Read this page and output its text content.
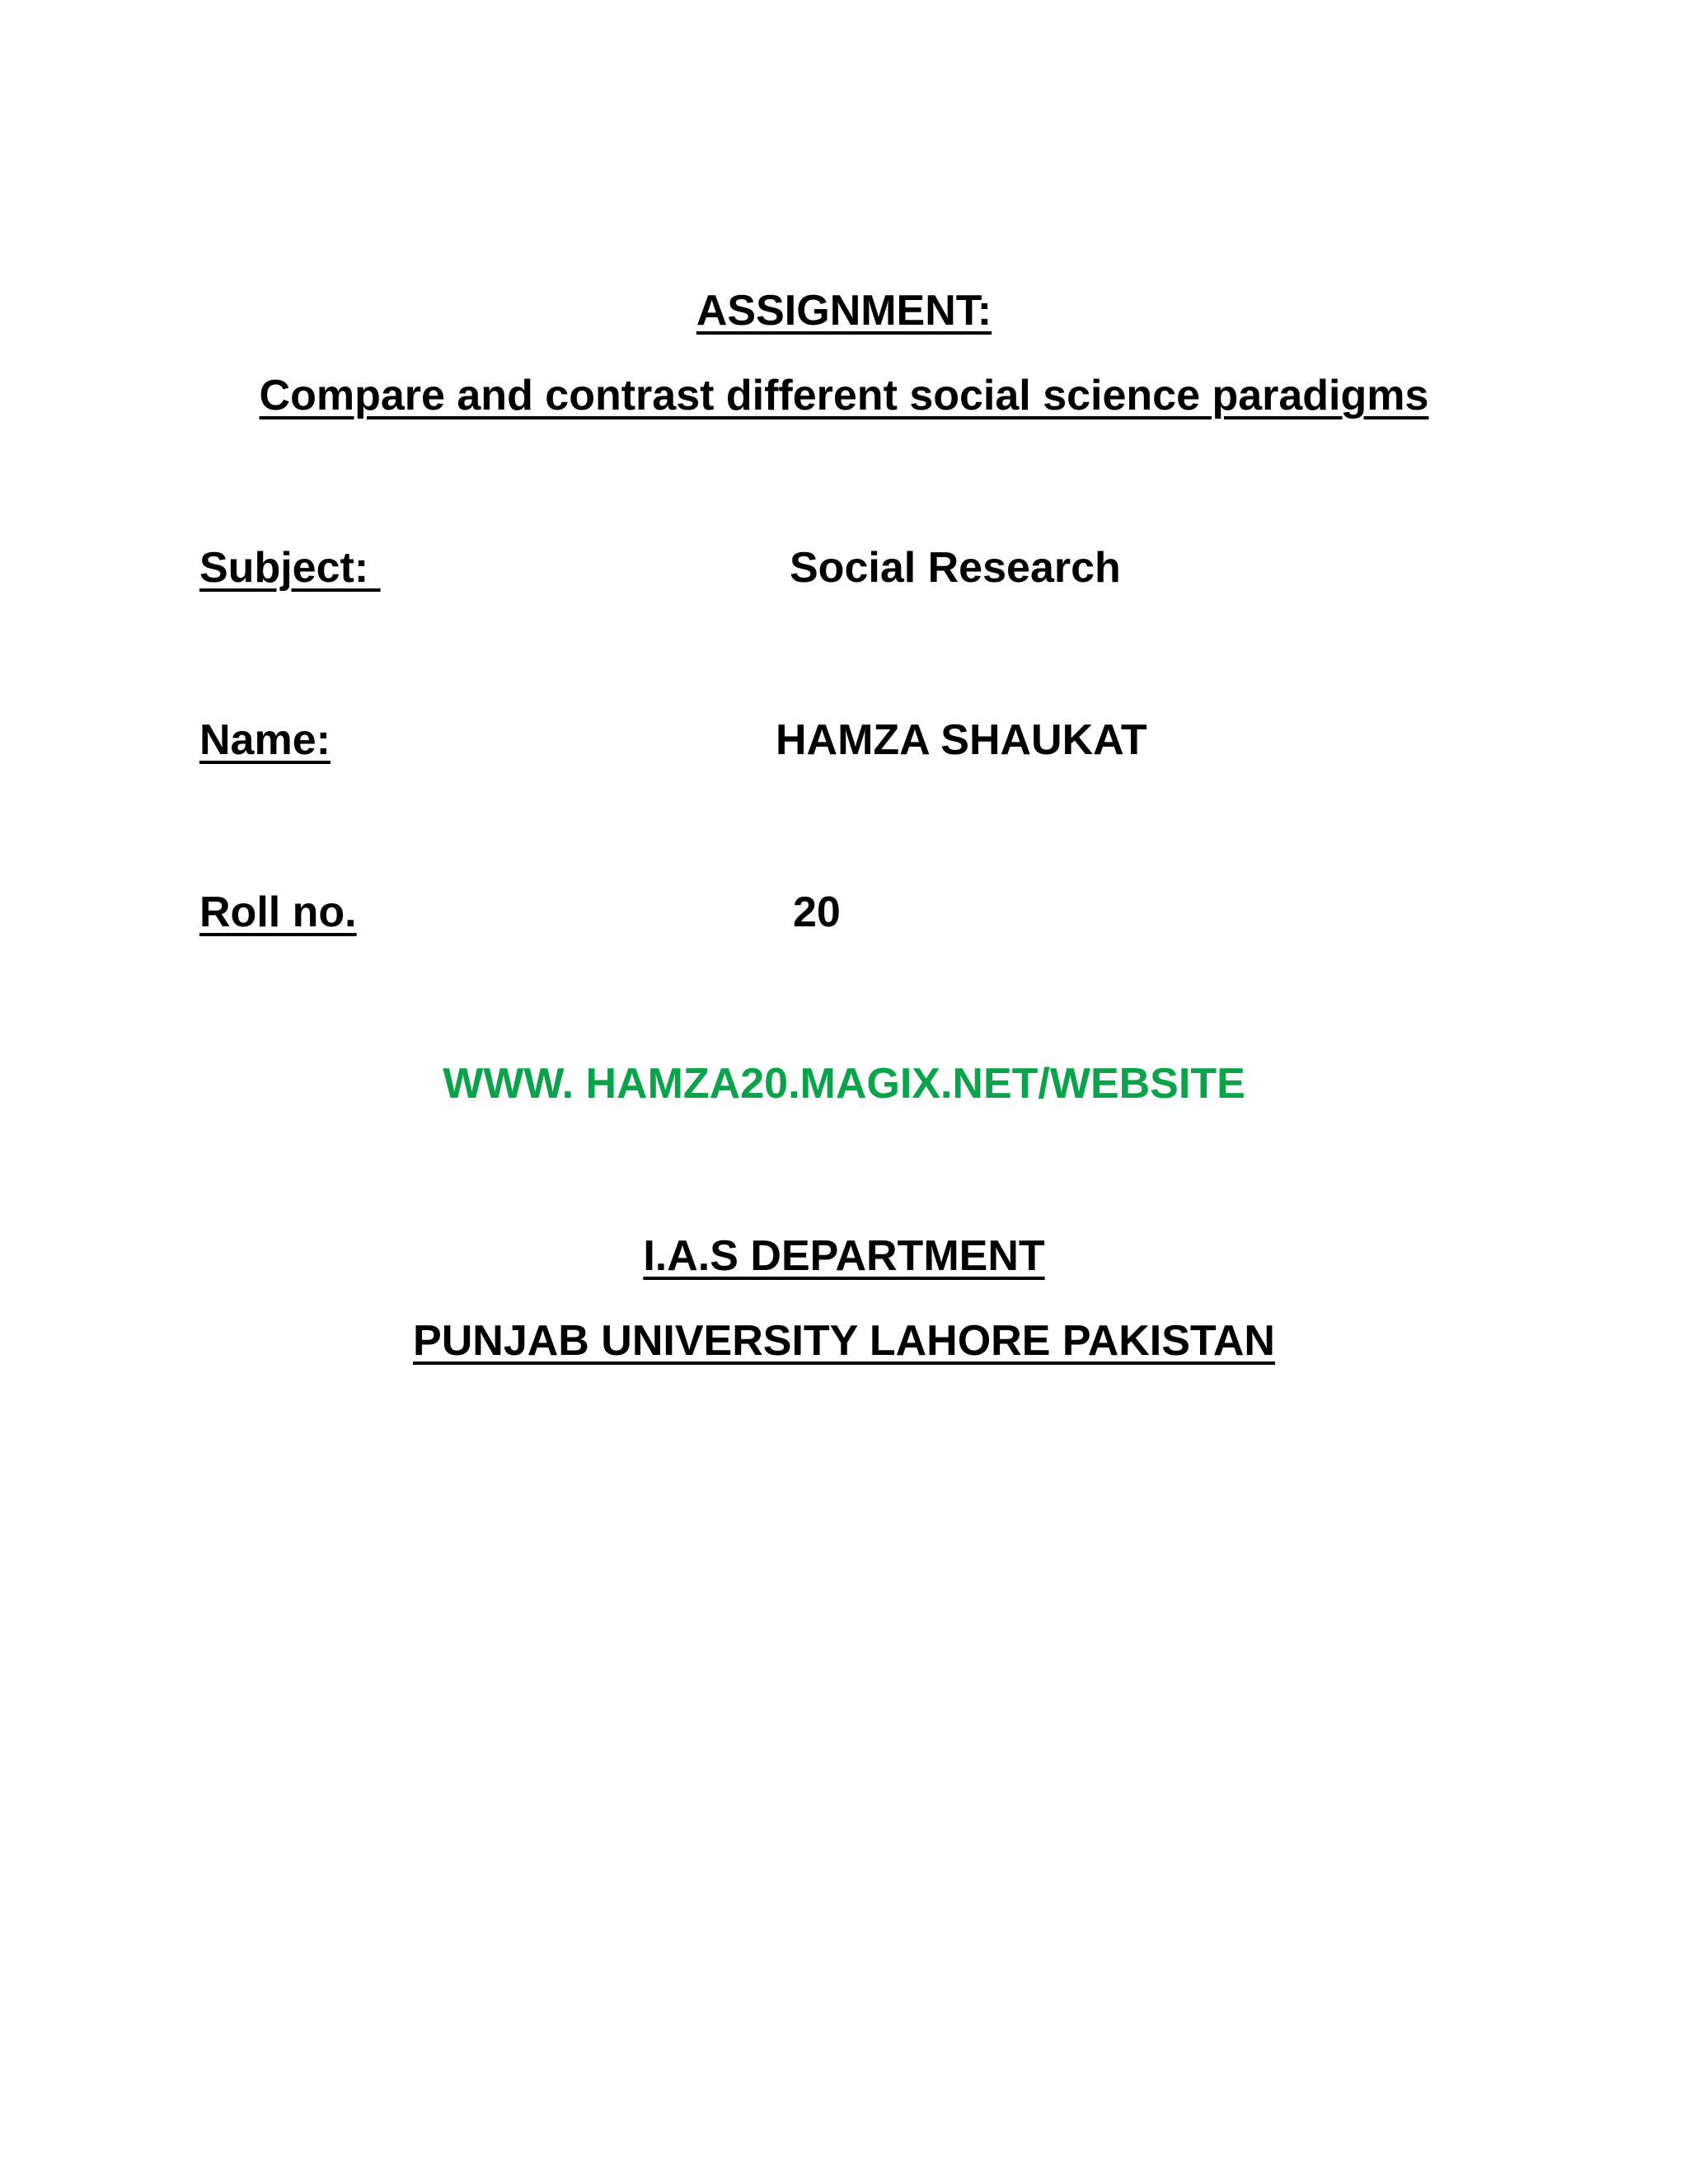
ASSIGNMENT:
Compare and contrast different social science paradigms
Subject:	Social Research
Name:	HAMZA SHAUKAT
Roll no.	20
WWW. HAMZA20.MAGIX.NET/WEBSITE
I.A.S DEPARTMENT
PUNJAB UNIVERSITY LAHORE PAKISTAN
